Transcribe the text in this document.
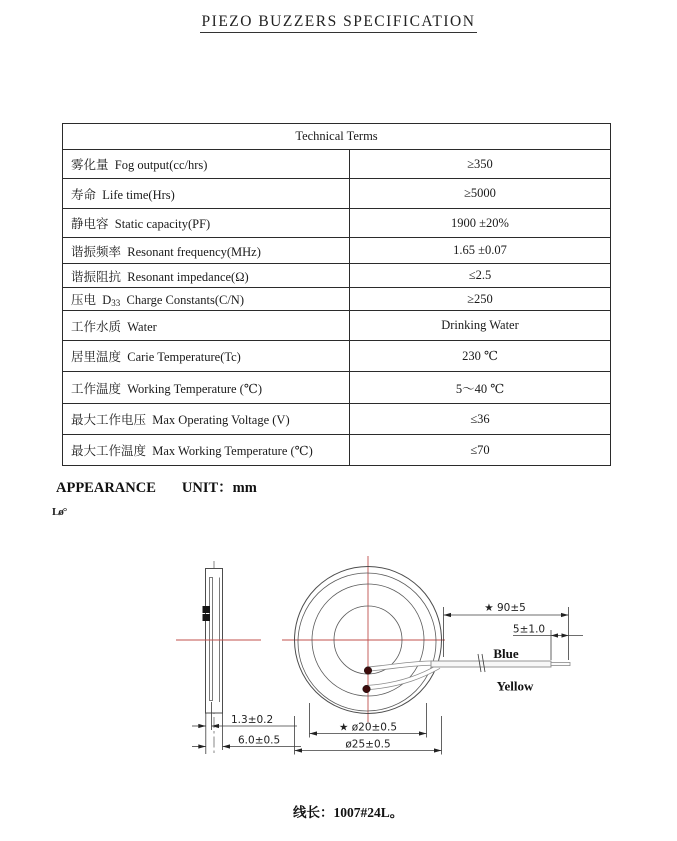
PIEZO BUZZERS SPECIFICATION
Technical Terms	
雾化量  Fog output(cc/hrs)	≥350
寿命  Life time(Hrs)	≥5000
静电容  Static capacity(PF)	1900 ±20%
谐振频率  Resonant frequency(MHz)	1.65 ±0.07
谐振阻抗  Resonant impedance(Ω)	≤2.5
压电  $D_{33}$  Charge Constants(C/N)	≥250
工作水质  Water	Drinking Water
居里温度  Carie Temperature(Tc)	230 ℃
工作温度  Working Temperature (℃)	5～40 ℃
最大工作电压  Max Operating Voltage (V)	≤36
最大工作温度  Max Working Temperature (℃)	≤70
APPEARANCE UNIT：mm
Lø°
1.3±0.2
6.0±0.5
★ 90±5
5±1.0
Blue
Yellow
★ ø20±0.5
ø25±0.5
线长：1007#24L。
